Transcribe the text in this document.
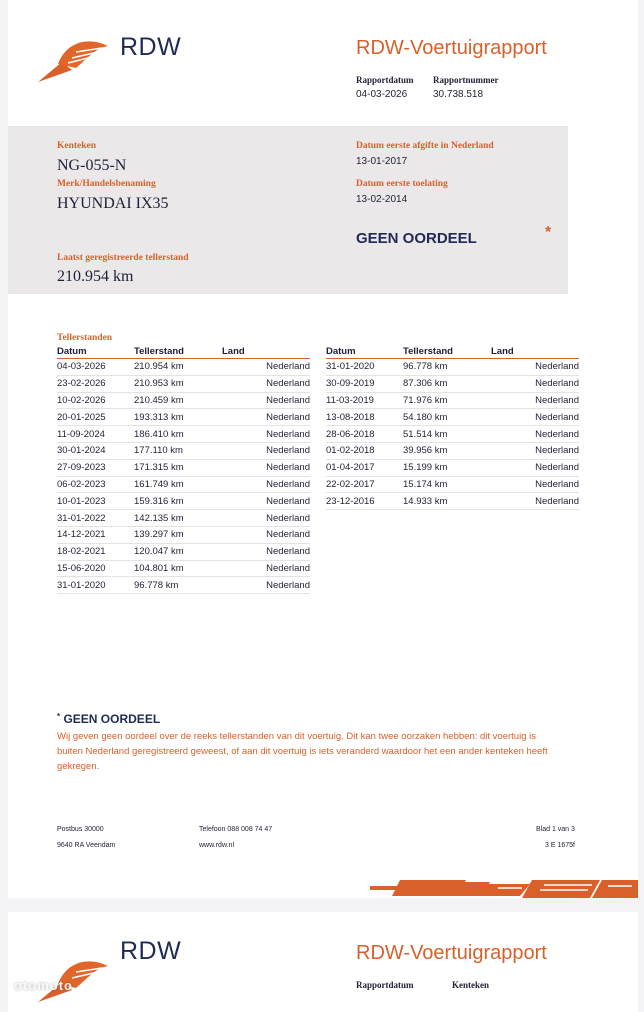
RDW	RDW-Voertuigrapport
Rapportdatum
04-03-2026
Rapportnummer
30.738.518
Kenteken
NG-055-N
Merk/Handelsbenaming
HYUNDAI IX35
Datum eerste afgifte in Nederland
13-01-2017
Datum eerste toelating
13-02-2014
GEEN OORDEEL	*
Laatst geregistreerde tellerstand
210.954 km
Tellerstanden
Datum	Tellerstand	Land
04-03-2026	210.954 km	Nederland
23-02-2026	210.953 km	Nederland
10-02-2026	210.459 km	Nederland
20-01-2025	193.313 km	Nederland
11-09-2024	186.410 km	Nederland
30-01-2024	177.110 km	Nederland
27-09-2023	171.315 km	Nederland
06-02-2023	161.749 km	Nederland
10-01-2023	159.316 km	Nederland
31-01-2022	142.135 km	Nederland
14-12-2021	139.297 km	Nederland
18-02-2021	120.047 km	Nederland
15-06-2020	104.801 km	Nederland
31-01-2020	96.778 km	Nederland
Datum	Tellerstand	Land
31-01-2020	96.778 km	Nederland
30-09-2019	87.306 km	Nederland
11-03-2019	71.976 km	Nederland
13-08-2018	54.180 km	Nederland
28-06-2018	51.514 km	Nederland
01-02-2018	39.956 km	Nederland
01-04-2017	15.199 km	Nederland
22-02-2017	15.174 km	Nederland
23-12-2016	14.933 km	Nederland
* GEEN OORDEEL
Wij geven geen oordeel over de reeks tellerstanden van dit voertuig. Dit kan twee oorzaken hebben: dit voertuig is buiten Nederland geregistreerd geweest, of aan dit voertuig is iets veranderd waardoor het een ander kenteken heeft gekregen.
Postbus 30000
9640 RA Veendam
Telefoon 088 008 74 47
www.rdw.nl
Blad 1 van 3
3 E 1675f
RDW	RDW-Voertuigrapport
Rapportdatum	Kenteken
otomoto
